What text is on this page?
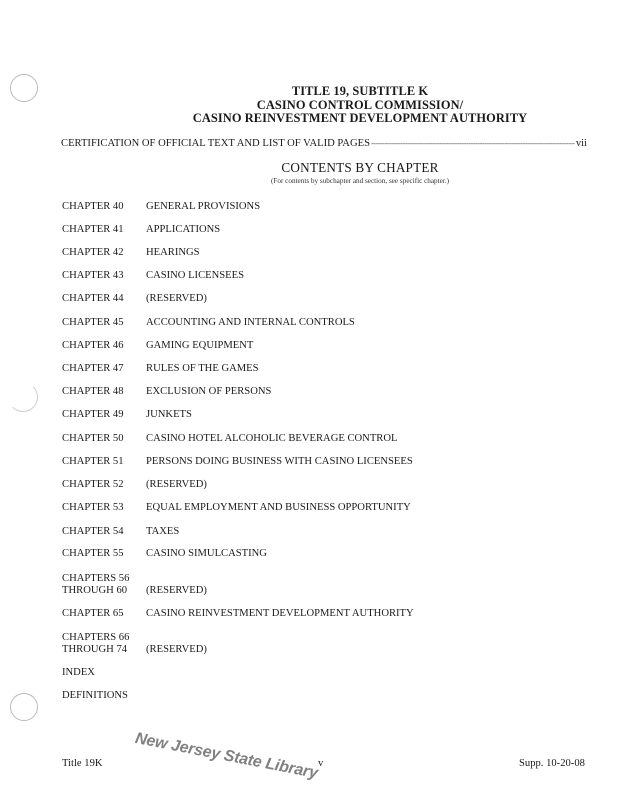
TITLE 19, SUBTITLE K
CASINO CONTROL COMMISSION/
CASINO REINVESTMENT DEVELOPMENT AUTHORITY
CERTIFICATION OF OFFICIAL TEXT AND LIST OF VALID PAGES
-----	vii
CONTENTS BY CHAPTER
(For contents by subchapter and section, see specific chapter.)
CHAPTER 40	GENERAL PROVISIONS
CHAPTER 41	APPLICATIONS
CHAPTER 42	HEARINGS
CHAPTER 43	CASINO LICENSEES
CHAPTER 44	(RESERVED)
CHAPTER 45	ACCOUNTING AND INTERNAL CONTROLS
CHAPTER 46	GAMING EQUIPMENT
CHAPTER 47	RULES OF THE GAMES
CHAPTER 48	EXCLUSION OF PERSONS
CHAPTER 49	JUNKETS
CHAPTER 50	CASINO HOTEL ALCOHOLIC BEVERAGE CONTROL
CHAPTER 51	PERSONS DOING BUSINESS WITH CASINO LICENSEES
CHAPTER 52	(RESERVED)
CHAPTER 53	EQUAL EMPLOYMENT AND BUSINESS OPPORTUNITY
CHAPTER 54	TAXES
CHAPTER 55	CASINO SIMULCASTING
CHAPTERS 56
THROUGH 60	(RESERVED)
CHAPTER 65	CASINO REINVESTMENT DEVELOPMENT AUTHORITY
CHAPTERS 66
THROUGH 74	(RESERVED)
INDEX
DEFINITIONS
New Jersey State Library
Title 19K	v	Supp. 10-20-08
